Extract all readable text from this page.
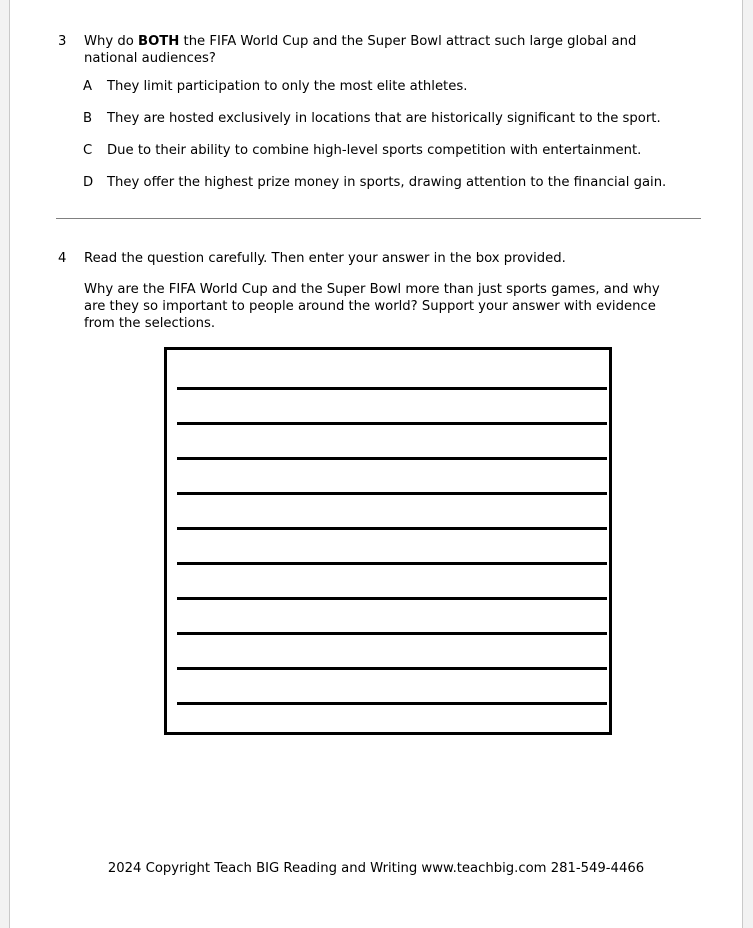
3	Why do BOTH the FIFA World Cup and the Super Bowl attract such large global and national audiences?
A	They limit participation to only the most elite athletes.
B	They are hosted exclusively in locations that are historically significant to the sport.
C	Due to their ability to combine high-level sports competition with entertainment.
D	They offer the highest prize money in sports, drawing attention to the financial gain.
4	Read the question carefully. Then enter your answer in the box provided.
Why are the FIFA World Cup and the Super Bowl more than just sports games, and why are they so important to people around the world? Support your answer with evidence from the selections.
2024 Copyright Teach BIG Reading and Writing www.teachbig.com 281-549-4466
